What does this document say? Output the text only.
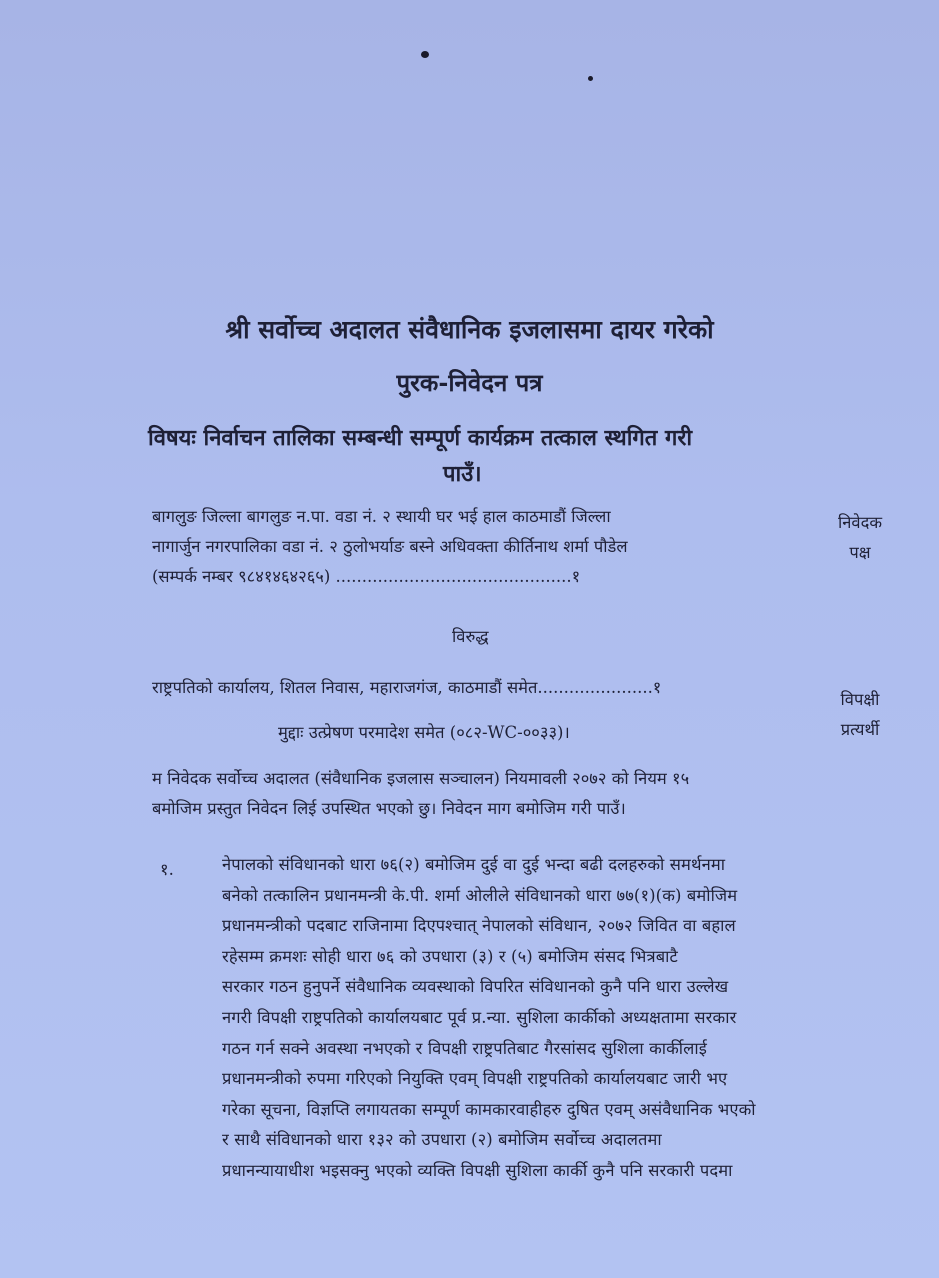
श्री सर्वोच्च अदालत संवैधानिक इजलासमा दायर गरेको
पुरक-निवेदन पत्र
विषयः निर्वाचन तालिका सम्बन्धी सम्पूर्ण कार्यक्रम तत्काल स्थगित गरी
पाउँ।
बागलुङ जिल्ला बागलुङ न.पा. वडा नं. २ स्थायी घर भई हाल काठमाडौं जिल्ला
नागार्जुन नगरपालिका वडा नं. २ ठुलोभर्याङ बस्ने अधिवक्ता कीर्तिनाथ शर्मा पौडेल
(सम्पर्क नम्बर ९८४१४६४२६५) .............................................१
निवेदक
पक्ष
विरुद्ध
राष्ट्रपतिको कार्यालय, शितल निवास, महाराजगंज, काठमाडौं समेत......................१
विपक्षी
प्रत्यर्थी
मुद्दाः उत्प्रेषण परमादेश समेत (०८२-WC-००३३)।
म निवेदक सर्वोच्च अदालत (संवैधानिक इजलास सञ्चालन) नियमावली २०७२ को नियम १५
बमोजिम प्रस्तुत निवेदन लिई उपस्थित भएको छु। निवेदन माग बमोजिम गरी पाउँ।
१.	नेपालको संविधानको धारा ७६(२) बमोजिम दुई वा दुई भन्दा बढी दलहरुको समर्थनमा
बनेको तत्कालिन प्रधानमन्त्री के.पी. शर्मा ओलीले संविधानको धारा ७७(१)(क) बमोजिम
प्रधानमन्त्रीको पदबाट राजिनामा दिएपश्चात् नेपालको संविधान, २०७२ जिवित वा बहाल
रहेसम्म क्रमशः सोही धारा ७६ को उपधारा (३) र (५) बमोजिम संसद भित्रबाटै
सरकार गठन हुनुपर्ने संवैधानिक व्यवस्थाको विपरित संविधानको कुनै पनि धारा उल्लेख
नगरी विपक्षी राष्ट्रपतिको कार्यालयबाट पूर्व प्र.न्या. सुशिला कार्कीको अध्यक्षतामा सरकार
गठन गर्न सक्ने अवस्था नभएको र विपक्षी राष्ट्रपतिबाट गैरसांसद सुशिला कार्कीलाई
प्रधानमन्त्रीको रुपमा गरिएको नियुक्ति एवम् विपक्षी राष्ट्रपतिको कार्यालयबाट जारी भए
गरेका सूचना, विज्ञप्ति लगायतका सम्पूर्ण कामकारवाहीहरु दुषित एवम् असंवैधानिक भएको
र साथै संविधानको धारा १३२ को उपधारा (२) बमोजिम सर्वोच्च अदालतमा
प्रधानन्यायाधीश भइसक्नु भएको व्यक्ति विपक्षी सुशिला कार्की कुनै पनि सरकारी पदमा
